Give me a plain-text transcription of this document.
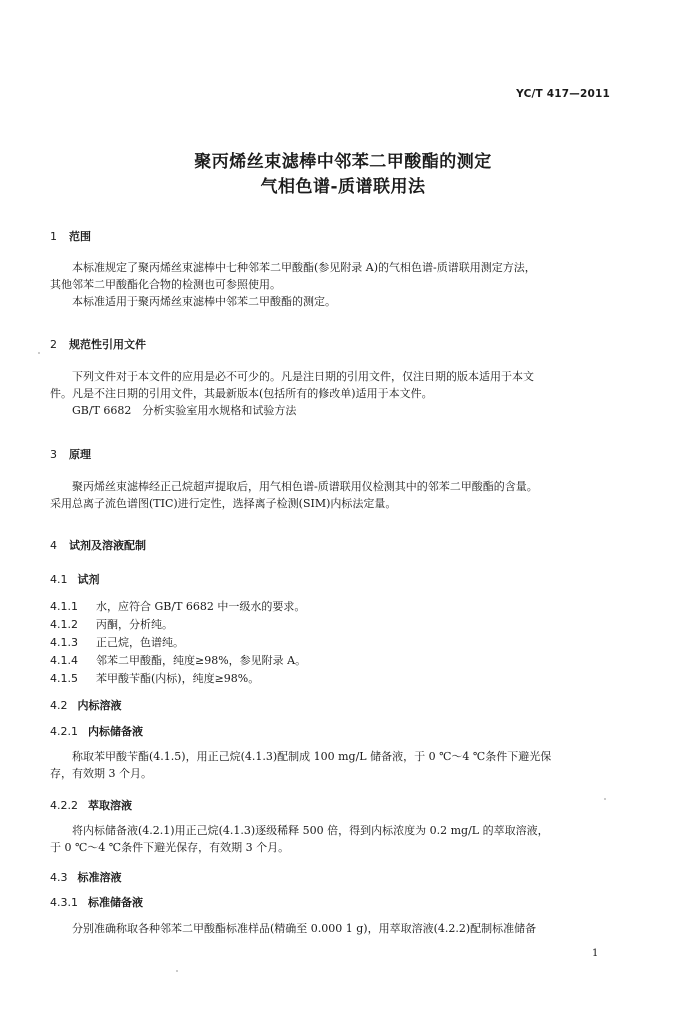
YC/T 417—2011
聚丙烯丝束滤棒中邻苯二甲酸酯的测定
气相色谱-质谱联用法
1 范围
本标准规定了聚丙烯丝束滤棒中七种邻苯二甲酸酯(参见附录 A)的气相色谱-质谱联用测定方法，
其他邻苯二甲酸酯化合物的检测也可参照使用。
本标准适用于聚丙烯丝束滤棒中邻苯二甲酸酯的测定。
2 规范性引用文件
下列文件对于本文件的应用是必不可少的。凡是注日期的引用文件，仅注日期的版本适用于本文
件。凡是不注日期的引用文件，其最新版本(包括所有的修改单)适用于本文件。
GB/T 6682　分析实验室用水规格和试验方法
3 原理
聚丙烯丝束滤棒经正己烷超声提取后，用气相色谱-质谱联用仪检测其中的邻苯二甲酸酯的含量。
采用总离子流色谱图(TIC)进行定性，选择离子检测(SIM)内标法定量。
4 试剂及溶液配制
4.1 试剂
4.1.1 水，应符合 GB/T 6682 中一级水的要求。
4.1.2 丙酮，分析纯。
4.1.3 正己烷，色谱纯。
4.1.4 邻苯二甲酸酯，纯度≥98%，参见附录 A。
4.1.5 苯甲酸苄酯(内标)，纯度≥98%。
4.2 内标溶液
4.2.1 内标储备液
称取苯甲酸苄酯(4.1.5)，用正己烷(4.1.3)配制成 100 mg/L 储备液，于 0 ℃～4 ℃条件下避光保
存，有效期 3 个月。
4.2.2 萃取溶液
将内标储备液(4.2.1)用正己烷(4.1.3)逐级稀释 500 倍，得到内标浓度为 0.2 mg/L 的萃取溶液，
于 0 ℃～4 ℃条件下避光保存，有效期 3 个月。
4.3 标准溶液
4.3.1 标准储备液
分别准确称取各种邻苯二甲酸酯标准样品(精确至 0.000 1 g)，用萃取溶液(4.2.2)配制标准储备
1
